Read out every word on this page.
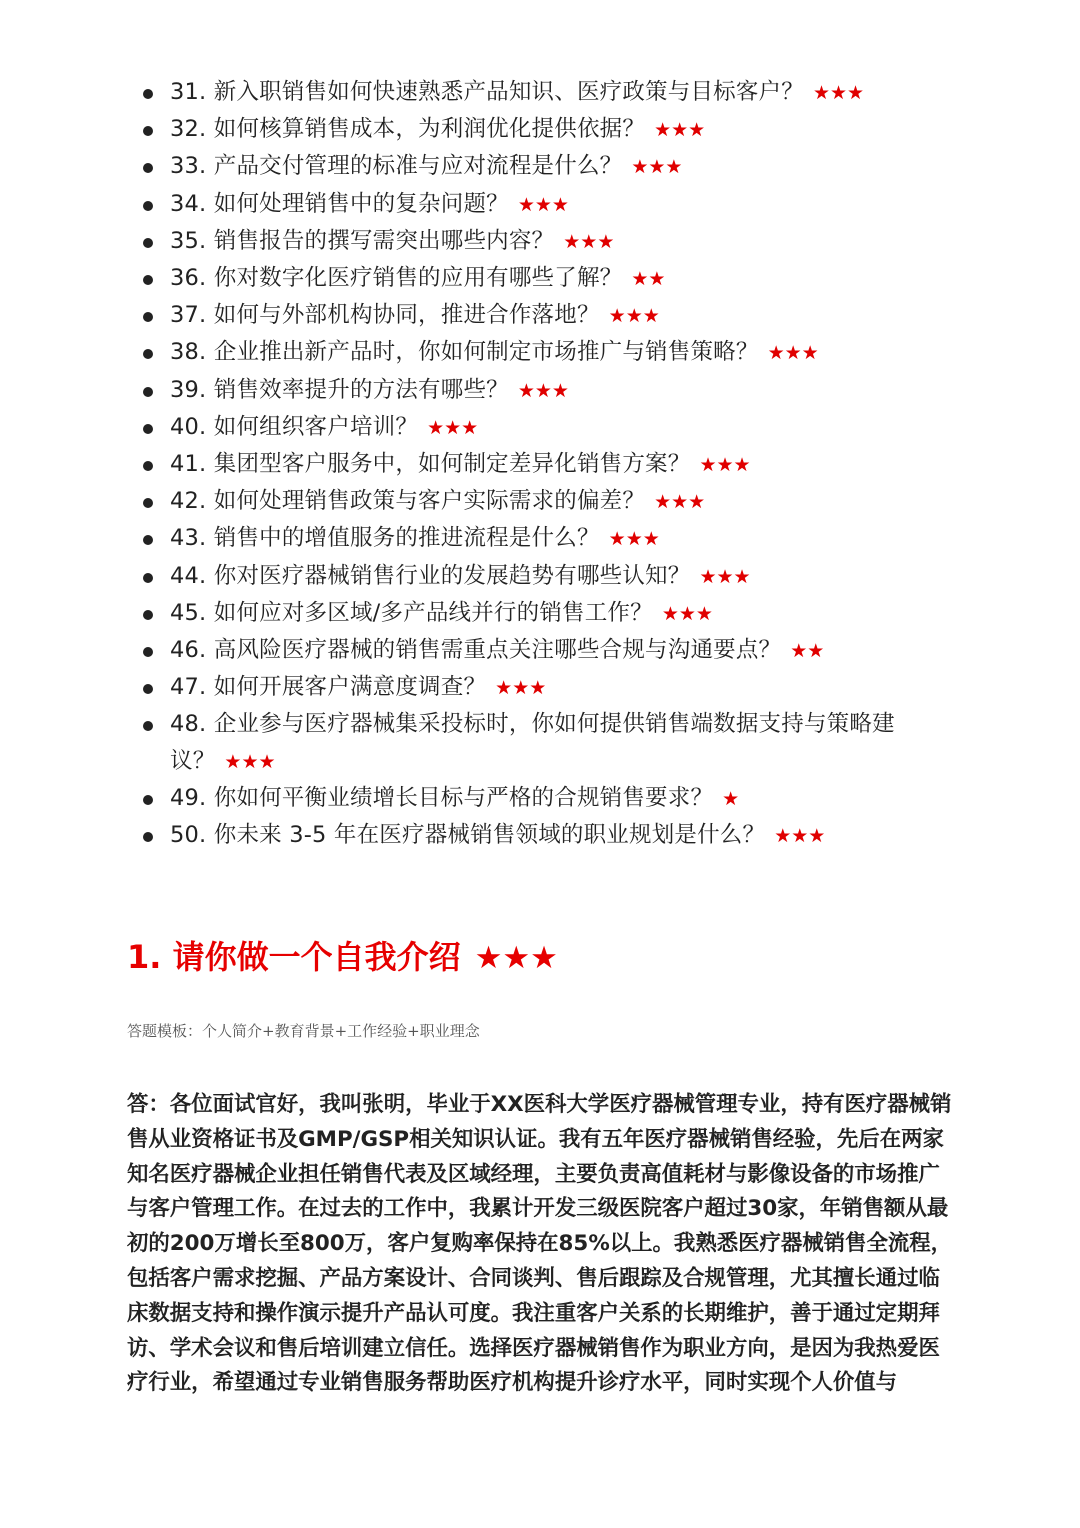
31. 新入职销售如何快速熟悉产品知识、医疗政策与目标客户？ ★★★
32. 如何核算销售成本，为利润优化提供依据？ ★★★
33. 产品交付管理的标准与应对流程是什么？ ★★★
34. 如何处理销售中的复杂问题？ ★★★
35. 销售报告的撰写需突出哪些内容？ ★★★
36. 你对数字化医疗销售的应用有哪些了解？ ★★
37. 如何与外部机构协同，推进合作落地？ ★★★
38. 企业推出新产品时，你如何制定市场推广与销售策略？ ★★★
39. 销售效率提升的方法有哪些？ ★★★
40. 如何组织客户培训？ ★★★
41. 集团型客户服务中，如何制定差异化销售方案？ ★★★
42. 如何处理销售政策与客户实际需求的偏差？ ★★★
43. 销售中的增值服务的推进流程是什么？ ★★★
44. 你对医疗器械销售行业的发展趋势有哪些认知？ ★★★
45. 如何应对多区域/多产品线并行的销售工作？ ★★★
46. 高风险医疗器械的销售需重点关注哪些合规与沟通要点？ ★★
47. 如何开展客户满意度调查？ ★★★
48. 企业参与医疗器械集采投标时，你如何提供销售端数据支持与策略建议？ ★★★
49. 你如何平衡业绩增长目标与严格的合规销售要求？ ★
50. 你未来 3-5 年在医疗器械销售领域的职业规划是什么？ ★★★
1. 请你做一个自我介绍 ★★★

答题模板：个人简介+教育背景+工作经验+职业理念

答：各位面试官好，我叫张明，毕业于XX医科大学医疗器械管理专业，持有医疗器械销售从业资格证书及GMP/GSP相关知识认证。我有五年医疗器械销售经验，先后在两家知名医疗器械企业担任销售代表及区域经理，主要负责高值耗材与影像设备的市场推广与客户管理工作。在过去的工作中，我累计开发三级医院客户超过30家，年销售额从最初的200万增长至800万，客户复购率保持在85%以上。我熟悉医疗器械销售全流程，包括客户需求挖掘、产品方案设计、合同谈判、售后跟踪及合规管理，尤其擅长通过临床数据支持和操作演示提升产品认可度。我注重客户关系的长期维护，善于通过定期拜访、学术会议和售后培训建立信任。选择医疗器械销售作为职业方向，是因为我热爱医疗行业，希望通过专业销售服务帮助医疗机构提升诊疗水平，同时实现个人价值与
